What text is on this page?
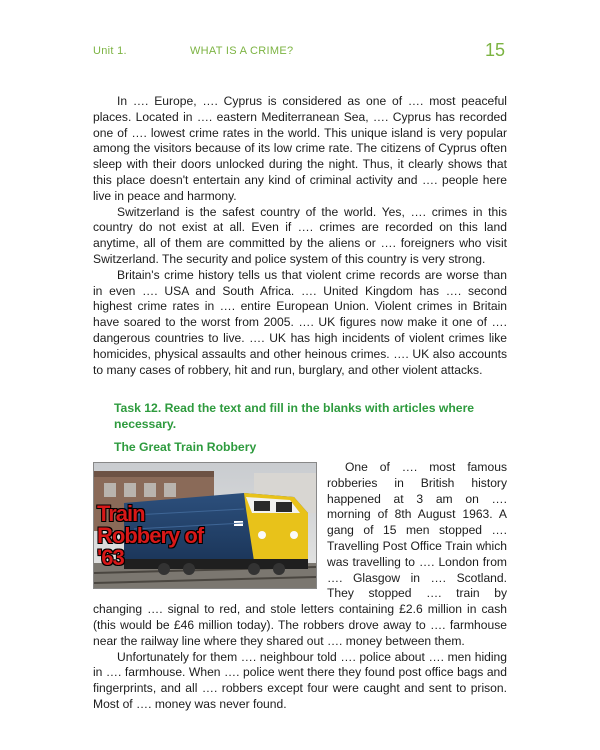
Unit 1.	WHAT IS A CRIME?	15

In …. Europe, …. Cyprus is considered as one of …. most peaceful places. Located in …. eastern Mediterranean Sea, …. Cyprus has recorded one of …. lowest crime rates in the world. This unique island is very popular among the visitors because of its low crime rate. The citizens of Cyprus often sleep with their doors unlocked during the night. Thus, it clearly shows that this place doesn't entertain any kind of criminal activity and …. people here live in peace and harmony.

Switzerland is the safest country of the world. Yes, …. crimes in this country do not exist at all. Even if …. crimes are recorded on this land anytime, all of them are committed by the aliens or …. foreigners who visit Switzerland. The security and police system of this country is very strong.

Britain's crime history tells us that violent crime records are worse than in even …. USA and South Africa. …. United Kingdom has …. second highest crime rates in …. entire European Union. Violent crimes in Britain have soared to the worst from 2005. …. UK figures now make it one of …. dangerous countries to live. …. UK has high incidents of violent crimes like homicides, physical assaults and other heinous crimes. …. UK also accounts to many cases of robbery, hit and run, burglary, and other violent attacks.

Task 12. Read the text and fill in the blanks with articles where necessary.

The Great Train Robbery

Train Robbery of '63

One of …. most famous robberies in British history happened at 3 am on …. morning of 8th August 1963. A gang of 15 men stopped …. Travelling Post Office Train which was travelling to …. London from …. Glasgow in …. Scotland. They stopped …. train by changing …. signal to red, and stole letters containing £2.6 million in cash (this would be £46 million today). The robbers drove away to …. farmhouse near the railway line where they shared out …. money between them.

Unfortunately for them …. neighbour told …. police about …. men hiding in …. farmhouse. When …. police went there they found post office bags and fingerprints, and all …. robbers except four were caught and sent to prison. Most of …. money was never found.
